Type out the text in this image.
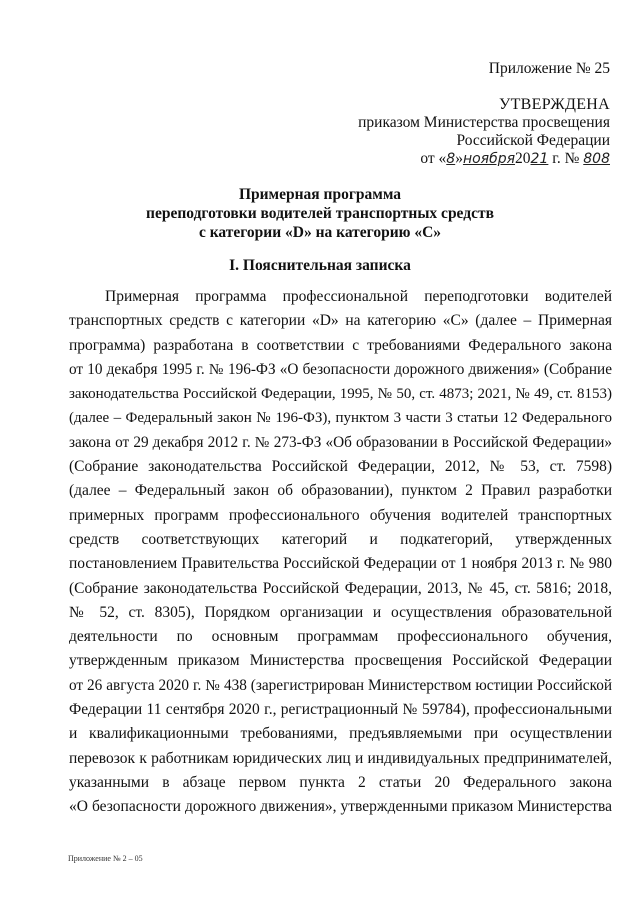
Приложение № 25
УТВЕРЖДЕНА
приказом Министерства просвещения
Российской Федерации
от «8»ноября2021 г. № 808
Примерная программа
переподготовки водителей транспортных средств
с категории «D» на категорию «С»
I. Пояснительная записка
Примерная программа профессиональной переподготовки водителей
транспортных средств с категории «D» на категорию «С» (далее – Примерная
программа) разработана в соответствии с требованиями Федерального закона
от 10 декабря 1995 г. № 196-ФЗ «О безопасности дорожного движения» (Собрание
законодательства Российской Федерации, 1995, № 50, ст. 4873; 2021, № 49, ст. 8153)
(далее – Федеральный закон № 196-ФЗ), пунктом 3 части 3 статьи 12 Федерального
закона от 29 декабря 2012 г. № 273-ФЗ «Об образовании в Российской Федерации»
(Собрание законодательства Российской Федерации, 2012, № 53, ст. 7598)
(далее – Федеральный закон об образовании), пунктом 2 Правил разработки
примерных программ профессионального обучения водителей транспортных
средств соответствующих категорий и подкатегорий, утвержденных
постановлением Правительства Российской Федерации от 1 ноября 2013 г. № 980
(Собрание законодательства Российской Федерации, 2013, № 45, ст. 5816; 2018,
№ 52, ст. 8305), Порядком организации и осуществления образовательной
деятельности по основным программам профессионального обучения,
утвержденным приказом Министерства просвещения Российской Федерации
от 26 августа 2020 г. № 438 (зарегистрирован Министерством юстиции Российской
Федерации 11 сентября 2020 г., регистрационный № 59784), профессиональными
и квалификационными требованиями, предъявляемыми при осуществлении
перевозок к работникам юридических лиц и индивидуальных предпринимателей,
указанными в абзаце первом пункта 2 статьи 20 Федерального закона
«О безопасности дорожного движения», утвержденными приказом Министерства
Приложение № 2 – 05
